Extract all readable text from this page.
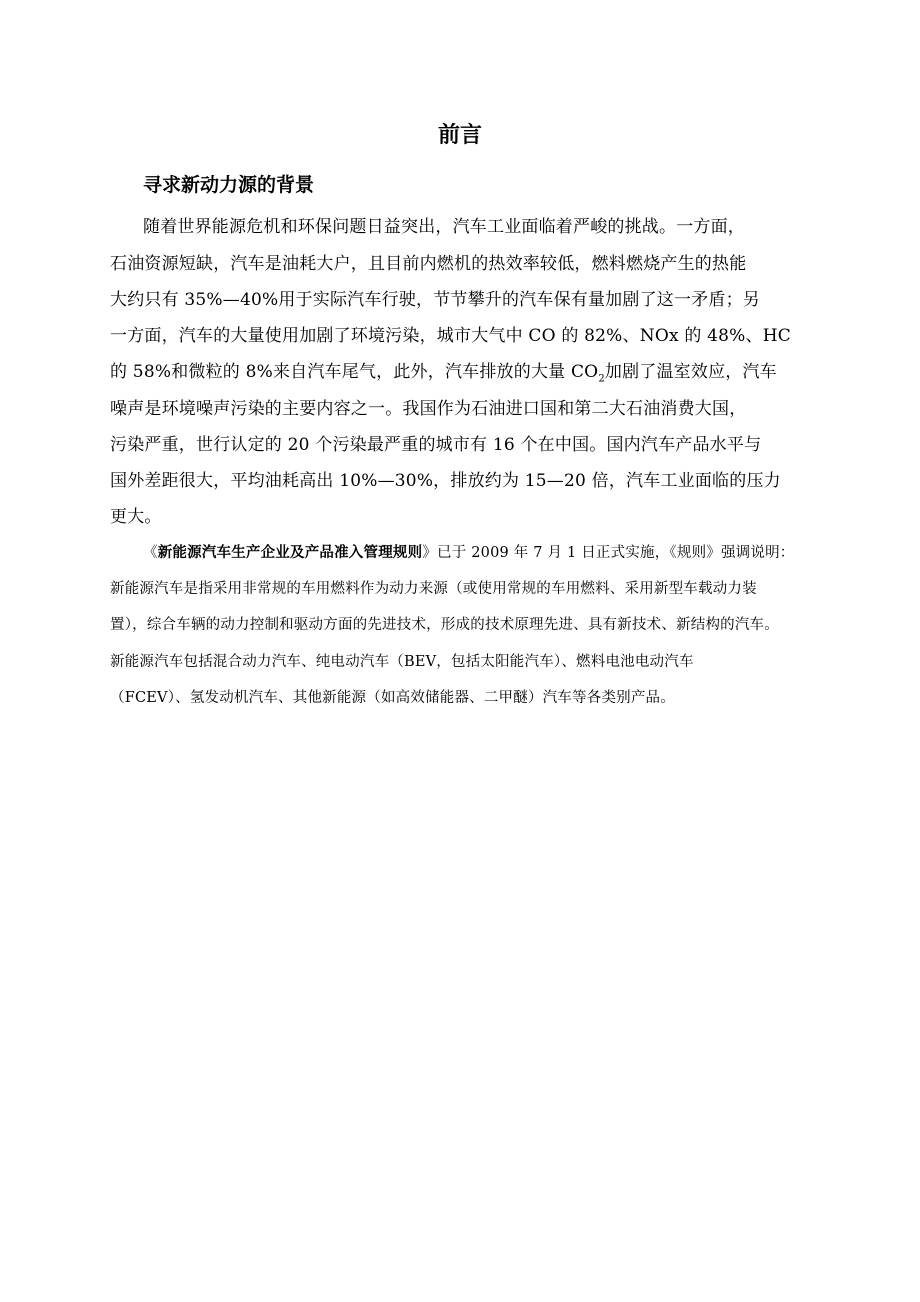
前言
寻求新动力源的背景
随着世界能源危机和环保问题日益突出，汽车工业面临着严峻的挑战。一方面，
石油资源短缺，汽车是油耗大户，且目前内燃机的热效率较低，燃料燃烧产生的热能
大约只有 35%—40%用于实际汽车行驶，节节攀升的汽车保有量加剧了这一矛盾；另
一方面，汽车的大量使用加剧了环境污染，城市大气中 CO 的 82%、NOx 的 48%、HC
的 58%和微粒的 8%来自汽车尾气，此外，汽车排放的大量 $CO_2$加剧了温室效应，汽车
噪声是环境噪声污染的主要内容之一。我国作为石油进口国和第二大石油消费大国，
污染严重，世行认定的 20 个污染最严重的城市有 16 个在中国。国内汽车产品水平与
国外差距很大，平均油耗高出 10%—30%，排放约为 15—20 倍，汽车工业面临的压力
更大。
《新能源汽车生产企业及产品准入管理规则》已于 2009 年 7 月 1 日正式实施，《规则》强调说明：
新能源汽车是指采用非常规的车用燃料作为动力来源（或使用常规的车用燃料、采用新型车载动力装
置），综合车辆的动力控制和驱动方面的先进技术，形成的技术原理先进、具有新技术、新结构的汽车。
新能源汽车包括混合动力汽车、纯电动汽车（BEV，包括太阳能汽车）、燃料电池电动汽车
（FCEV）、氢发动机汽车、其他新能源（如高效储能器、二甲醚）汽车等各类别产品。
